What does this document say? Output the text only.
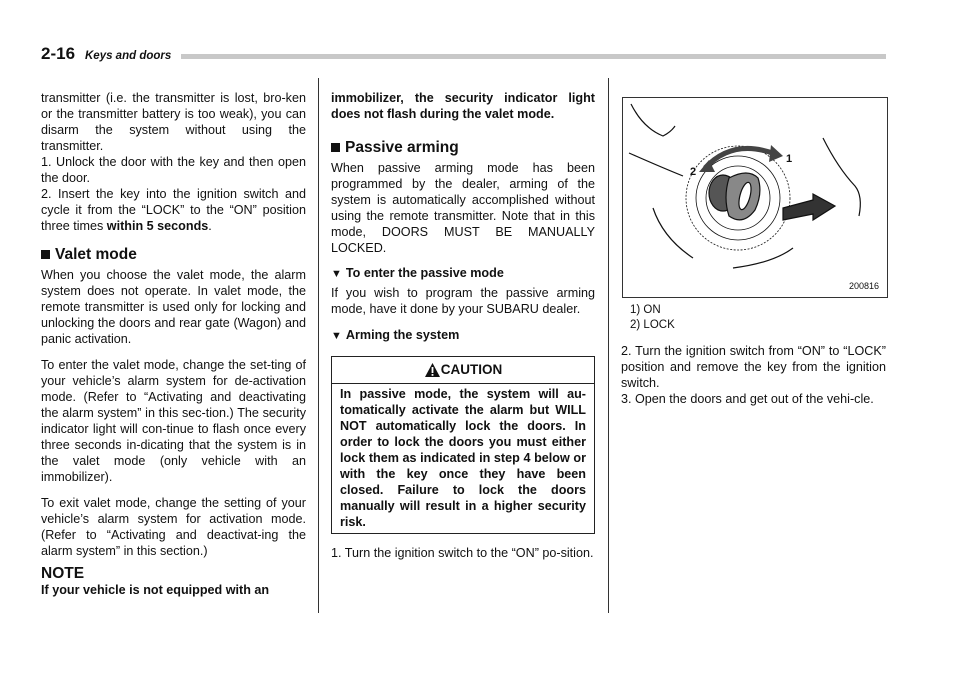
2-16 Keys and doors

transmitter (i.e. the transmitter is lost, bro-ken or the transmitter battery is too weak), you can disarm the system without using the transmitter.

1. Unlock the door with the key and then open the door.

2. Insert the key into the ignition switch and cycle it from the “LOCK” to the “ON” position three times within 5 seconds.

Valet mode

When you choose the valet mode, the alarm system does not operate. In valet mode, the remote transmitter is used only for locking and unlocking the doors and rear gate (Wagon) and panic activation.

To enter the valet mode, change the set-ting of your vehicle’s alarm system for de-activation mode. (Refer to “Activating and deactivating the alarm system” in this sec-tion.) The security indicator light will con-tinue to flash once every three seconds in-dicating that the system is in the valet mode (only vehicle with an immobilizer).

To exit valet mode, change the setting of your vehicle’s alarm system for activation mode. (Refer to “Activating and deactivat-ing the alarm system” in this section.)

NOTE

If your vehicle is not equipped with an

immobilizer, the security indicator light does not flash during the valet mode.

Passive arming

When passive arming mode has been programmed by the dealer, arming of the system is automatically accomplished without using the remote transmitter. Note that in this mode, DOORS MUST BE MANUALLY LOCKED.

▼ To enter the passive mode

If you wish to program the passive arming mode, have it done by your SUBARU dealer.

▼ Arming the system
CAUTION

In passive mode, the system will au-tomatically activate the alarm but WILL NOT automatically lock the doors. In order to lock the doors you must either lock them as indicated in step 4 below or with the key once they have been closed. Failure to lock the doors manually will result in a higher security risk.

1. Turn the ignition switch to the “ON” po-sition.

1
2
200816
1) ON
2) LOCK

2. Turn the ignition switch from “ON” to “LOCK” position and remove the key from the ignition switch.

3. Open the doors and get out of the vehi-cle.
